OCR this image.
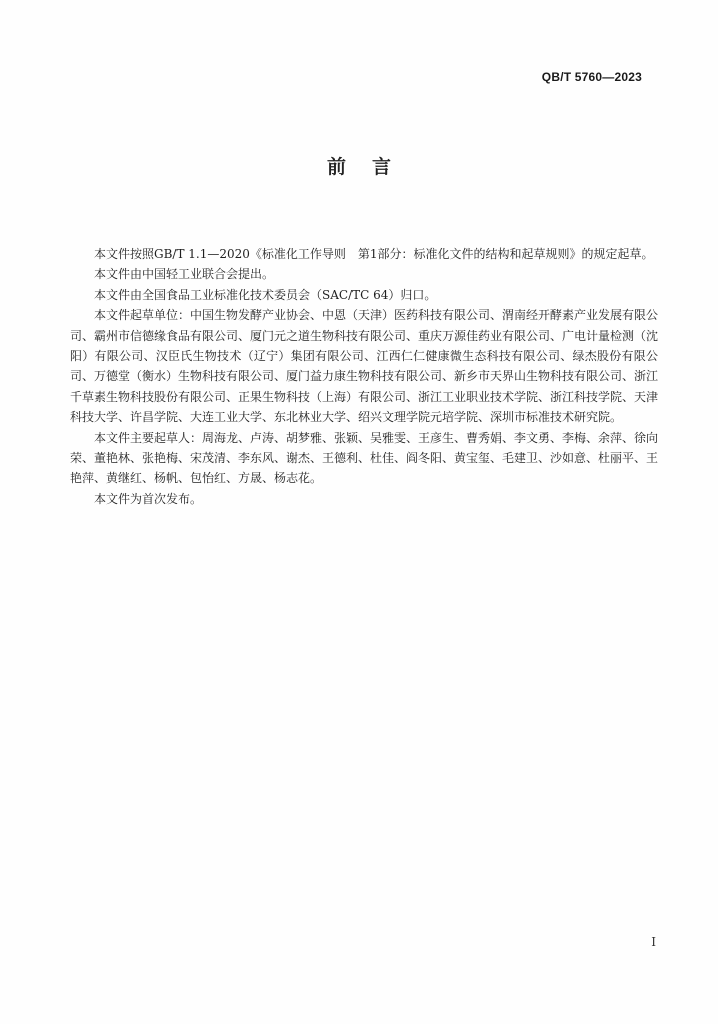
QB/T 5760—2023
前言

本文件按照GB/T 1.1—2020《标准化工作导则　第1部分：标准化文件的结构和起草规则》的规定起草。

本文件由中国轻工业联合会提出。

本文件由全国食品工业标准化技术委员会（SAC/TC 64）归口。

本文件起草单位：中国生物发酵产业协会、中恩（天津）医药科技有限公司、渭南经开酵素产业发展有限公司、霸州市信德缘食品有限公司、厦门元之道生物科技有限公司、重庆万源佳药业有限公司、广电计量检测（沈阳）有限公司、汉臣氏生物技术（辽宁）集团有限公司、江西仁仁健康微生态科技有限公司、绿杰股份有限公司、万德堂（衡水）生物科技有限公司、厦门益力康生物科技有限公司、新乡市天界山生物科技有限公司、浙江千草素生物科技股份有限公司、正果生物科技（上海）有限公司、浙江工业职业技术学院、浙江科技学院、天津科技大学、许昌学院、大连工业大学、东北林业大学、绍兴文理学院元培学院、深圳市标准技术研究院。

本文件主要起草人：周海龙、卢涛、胡梦雅、张颖、吴雅雯、王彦生、曹秀娟、李文勇、李梅、余萍、徐向荣、董艳林、张艳梅、宋茂清、李东风、谢杰、王德利、杜佳、阎冬阳、黄宝玺、毛建卫、沙如意、杜丽平、王艳萍、黄继红、杨帆、包怡红、方晟、杨志花。

本文件为首次发布。

I
